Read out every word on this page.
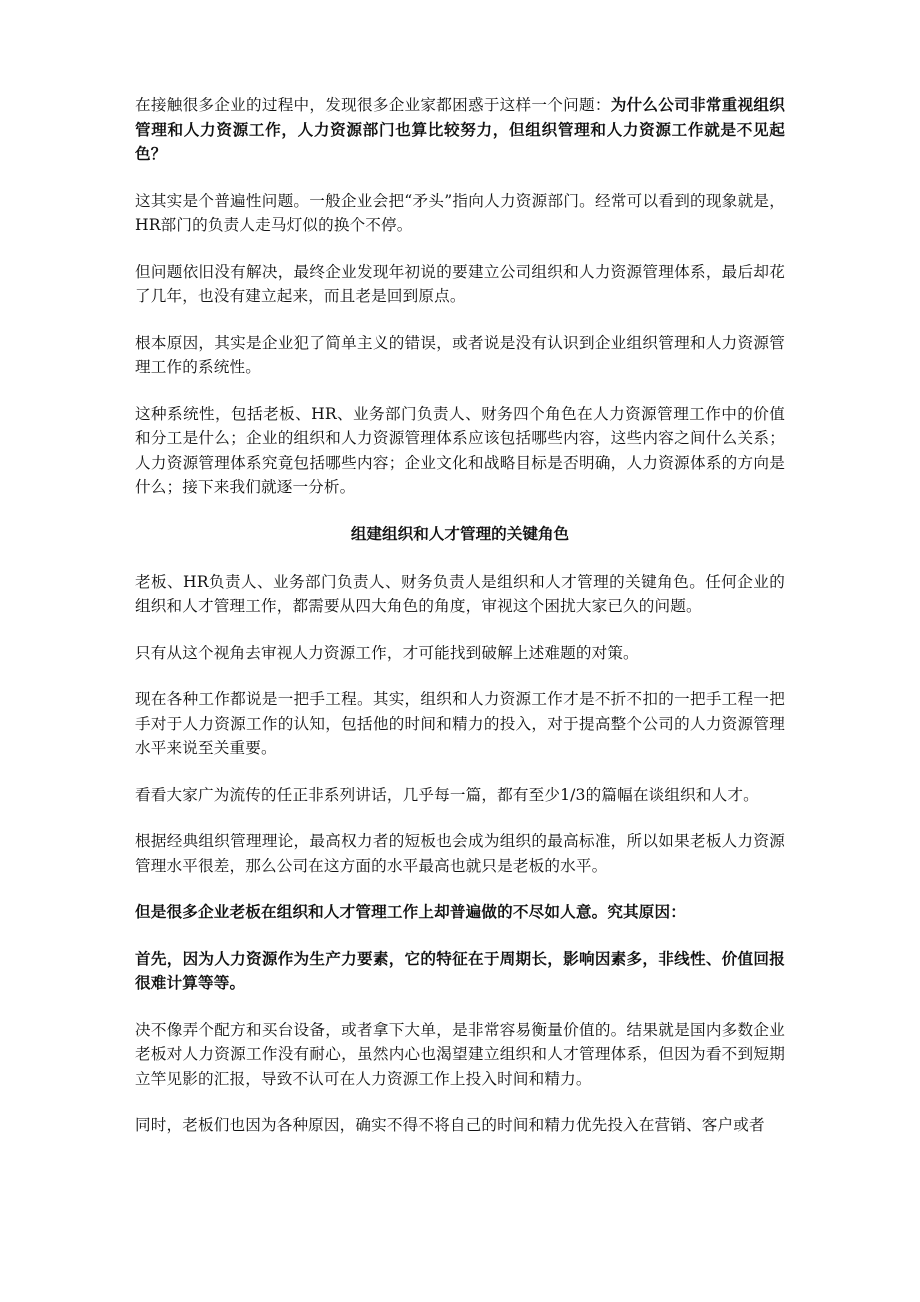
在接触很多企业的过程中，发现很多企业家都困惑于这样一个问题：为什么公司非常重视组织管理和人力资源工作，人力资源部门也算比较努力，但组织管理和人力资源工作就是不见起色？

这其实是个普遍性问题。一般企业会把“矛头”指向人力资源部门。经常可以看到的现象就是，HR部门的负责人走马灯似的换个不停。

但问题依旧没有解决，最终企业发现年初说的要建立公司组织和人力资源管理体系，最后却花了几年，也没有建立起来，而且老是回到原点。

根本原因，其实是企业犯了简单主义的错误，或者说是没有认识到企业组织管理和人力资源管理工作的系统性。

这种系统性，包括老板、HR、业务部门负责人、财务四个角色在人力资源管理工作中的价值和分工是什么；企业的组织和人力资源管理体系应该包括哪些内容，这些内容之间什么关系；人力资源管理体系究竟包括哪些内容；企业文化和战略目标是否明确，人力资源体系的方向是什么；接下来我们就逐一分析。

组建组织和人才管理的关键角色

老板、HR负责人、业务部门负责人、财务负责人是组织和人才管理的关键角色。任何企业的组织和人才管理工作，都需要从四大角色的角度，审视这个困扰大家已久的问题。

只有从这个视角去审视人力资源工作，才可能找到破解上述难题的对策。

现在各种工作都说是一把手工程。其实，组织和人力资源工作才是不折不扣的一把手工程一把手对于人力资源工作的认知，包括他的时间和精力的投入，对于提高整个公司的人力资源管理水平来说至关重要。

看看大家广为流传的任正非系列讲话，几乎每一篇，都有至少1/3的篇幅在谈组织和人才。

根据经典组织管理理论，最高权力者的短板也会成为组织的最高标准，所以如果老板人力资源管理水平很差，那么公司在这方面的水平最高也就只是老板的水平。

但是很多企业老板在组织和人才管理工作上却普遍做的不尽如人意。究其原因：

首先，因为人力资源作为生产力要素，它的特征在于周期长，影响因素多，非线性、价值回报很难计算等等。

决不像弄个配方和买台设备，或者拿下大单，是非常容易衡量价值的。结果就是国内多数企业老板对人力资源工作没有耐心，虽然内心也渴望建立组织和人才管理体系，但因为看不到短期立竿见影的汇报，导致不认可在人力资源工作上投入时间和精力。

同时，老板们也因为各种原因，确实不得不将自己的时间和精力优先投入在营销、客户或者
